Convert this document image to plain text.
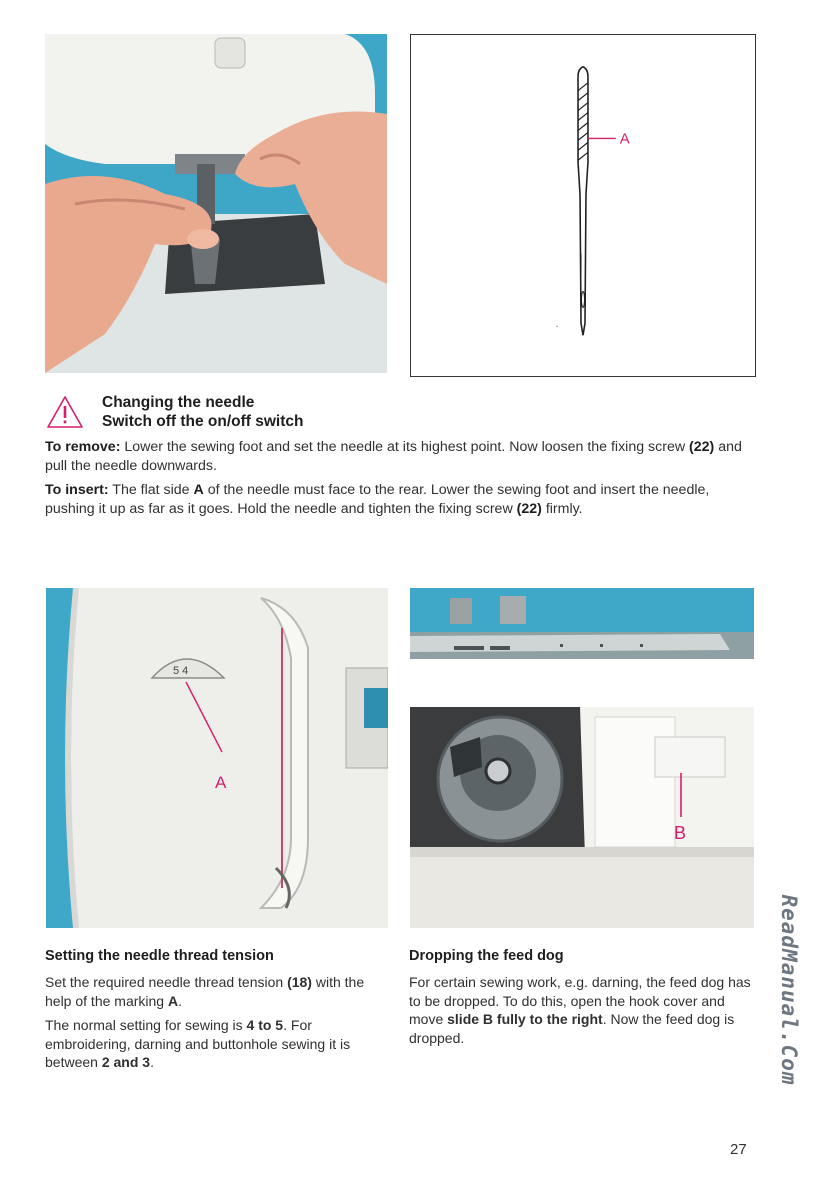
A
Changing the needle
Switch off the on/off switch
To remove: Lower the sewing foot and set the needle at its highest point. Now loosen the fixing screw (22) and pull the needle downwards.
To insert: The flat side A of the needle must face to the rear. Lower the sewing foot and insert the needle, pushing it up as far as it goes. Hold the needle and tighten the fixing screw (22) firmly.
5 4
A
B
Setting the needle thread tension
Set the required needle thread tension (18) with the help of the marking A.
The normal setting for sewing is 4 to 5. For embroidering, darning and buttonhole sewing it is between 2 and 3.
Dropping the feed dog
For certain sewing work, e.g. darning, the feed dog has to be dropped. To do this, open the hook cover and move slide B fully to the right. Now the feed dog is dropped.	ReadManual.Com
27
